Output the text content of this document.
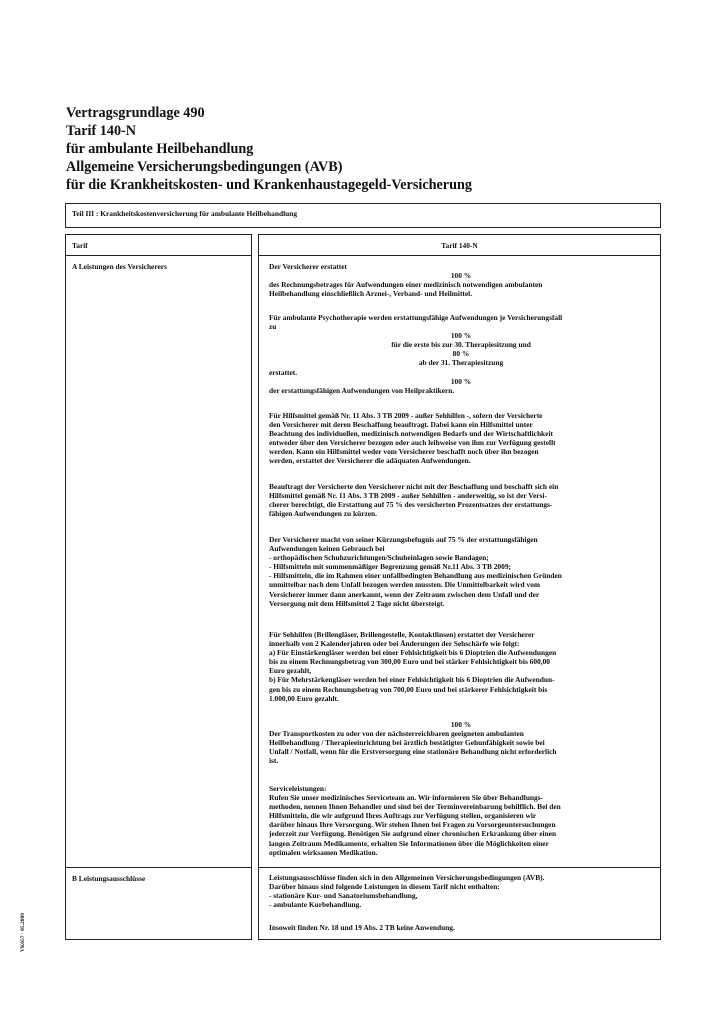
Vertragsgrundlage 490
Tarif 140-N
für ambulante Heilbehandlung
Allgemeine Versicherungsbedingungen (AVB)
für die Krankheitskosten- und Krankenhaustagegeld-Versicherung
Teil III : Krankheitskostenversicherung für ambulante Heilbehandlung
Tarif
A Leistungen des Versicherers
B Leistungsausschlüsse
Tarif 140-N
Der Versicherer erstattet
100 %
des Rechnungsbetrages für Aufwendungen einer medizinisch notwendigen ambulanten
Heilbehandlung einschließlich Arznei-, Verband- und Heilmittel.
Für ambulante Psychotherapie werden erstattungsfähige Aufwendungen je Versicherungsfall
zu
100 %
für die erste bis zur 30. Therapiesitzung und
80 %
ab der 31. Therapiesitzung
erstattet.
100 %
der erstattungsfähigen Aufwendungen von Heilpraktikern.
Für Hilfsmittel gemäß Nr. 11 Abs. 3 TB 2009 - außer Sehhilfen -, sofern der Versicherte
den Versicherer mit deren Beschaffung beauftragt. Dabei kann ein Hilfsmittel unter
Beachtung des individuellen, medizinisch notwendigen Bedarfs und der Wirtschaftlichkeit
entweder über den Versicherer bezogen oder auch leihweise von ihm zur Verfügung gestellt
werden. Kann ein Hilfsmittel weder vom Versicherer beschafft noch über ihn bezogen
werden, erstattet der Versicherer die adäquaten Aufwendungen.
Beauftragt der Versicherte den Versicherer nicht mit der Beschaffung und beschafft sich ein
Hilfsmittel gemäß Nr. 11 Abs. 3 TB 2009 - außer Sehhilfen - anderweitig, so ist der Versi-
cherer berechtigt, die Erstattung auf 75 % des versicherten Prozentsatzes der erstattungs-
fähigen Aufwendungen zu kürzen.
Der Versicherer macht von seiner Kürzungsbefugnis auf 75 % der erstattungsfähigen
Aufwendungen keinen Gebrauch bei
- orthopädischen Schuhzurichtungen/Schuheinlagen sowie Bandagen;
- Hilfsmitteln mit summenmäßiger Begrenzung gemäß Nr.11 Abs. 3 TB 2009;
- Hilfsmitteln, die im Rahmen einer unfallbedingten Behandlung aus medizinischen Gründen
unmittelbar nach dem Unfall bezogen werden mussten. Die Unmittelbarkeit wird vom
Versicherer immer dann anerkannt, wenn der Zeitraum zwischen dem Unfall und der
Versorgung mit dem Hilfsmittel 2 Tage nicht übersteigt.
Für Sehhilfen (Brillengläser, Brillengestelle, Kontaktlinsen) erstattet der Versicherer
innerhalb von 2 Kalenderjahren oder bei Änderungen der Sehschärfe wie folgt:
a) Für Einstärkengläser werden bei einer Fehlsichtigkeit bis 6 Dioptrien die Aufwendungen
bis zu einem Rechnungsbetrag von 300,00 Euro und bei stärker Fehlsichtigkeit bis 600,00
Euro gezahlt,
b) Für Mehrstärkengläser werden bei einer Fehlsichtigkeit bis 6 Dioptrien die Aufwendun-
gen bis zu einem Rechnungsbetrag von 700,00 Euro und bei stärkerer Fehlsichtigkeit bis
1.000,00 Euro gezahlt.
100 %
Der Transportkosten zu oder von der nächsterreichbaren geeigneten ambulanten
Heilbehandlung / Therapieeinrichtung bei ärztlich bestätigter Gehunfähigkeit sowie bei
Unfall / Notfall, wenn für die Erstversorgung eine stationäre Behandlung nicht erforderlich
ist.
Serviceleistungen:
Rufen Sie unser medizinisches Serviceteam an. Wir informieren Sie über Behandlungs-
methoden, nennen Ihnen Behandler und sind bei der Terminvereinbarung behilflich. Bei den
Hilfsmitteln, die wir aufgrund Ihres Auftrags zur Verfügung stellen, organisieren wir
darüber hinaus Ihre Versorgung. Wir stehen Ihnen bei Fragen zu Vorsorgeuntersuchungen
jederzeit zur Verfügung. Benötigen Sie aufgrund einer chronischen Erkrankung über einen
langen Zeitraum Medikamente, erhalten Sie Informationen über die Möglichkeiten einer
optimalen wirksamen Medikation.
Leistungsausschlüsse finden sich in den Allgemeinen Versicherungsbedingungen (AVB).
Darüber hinaus sind folgende Leistungen in diesem Tarif nicht enthalten:
- stationäre Kur- und Sanatoriumsbehandlung,
- ambulante Kurbehandlung.
Insoweit finden Nr. 18 und 19 Abs. 2 TB keine Anwendung.
VK657 · 05.2009
